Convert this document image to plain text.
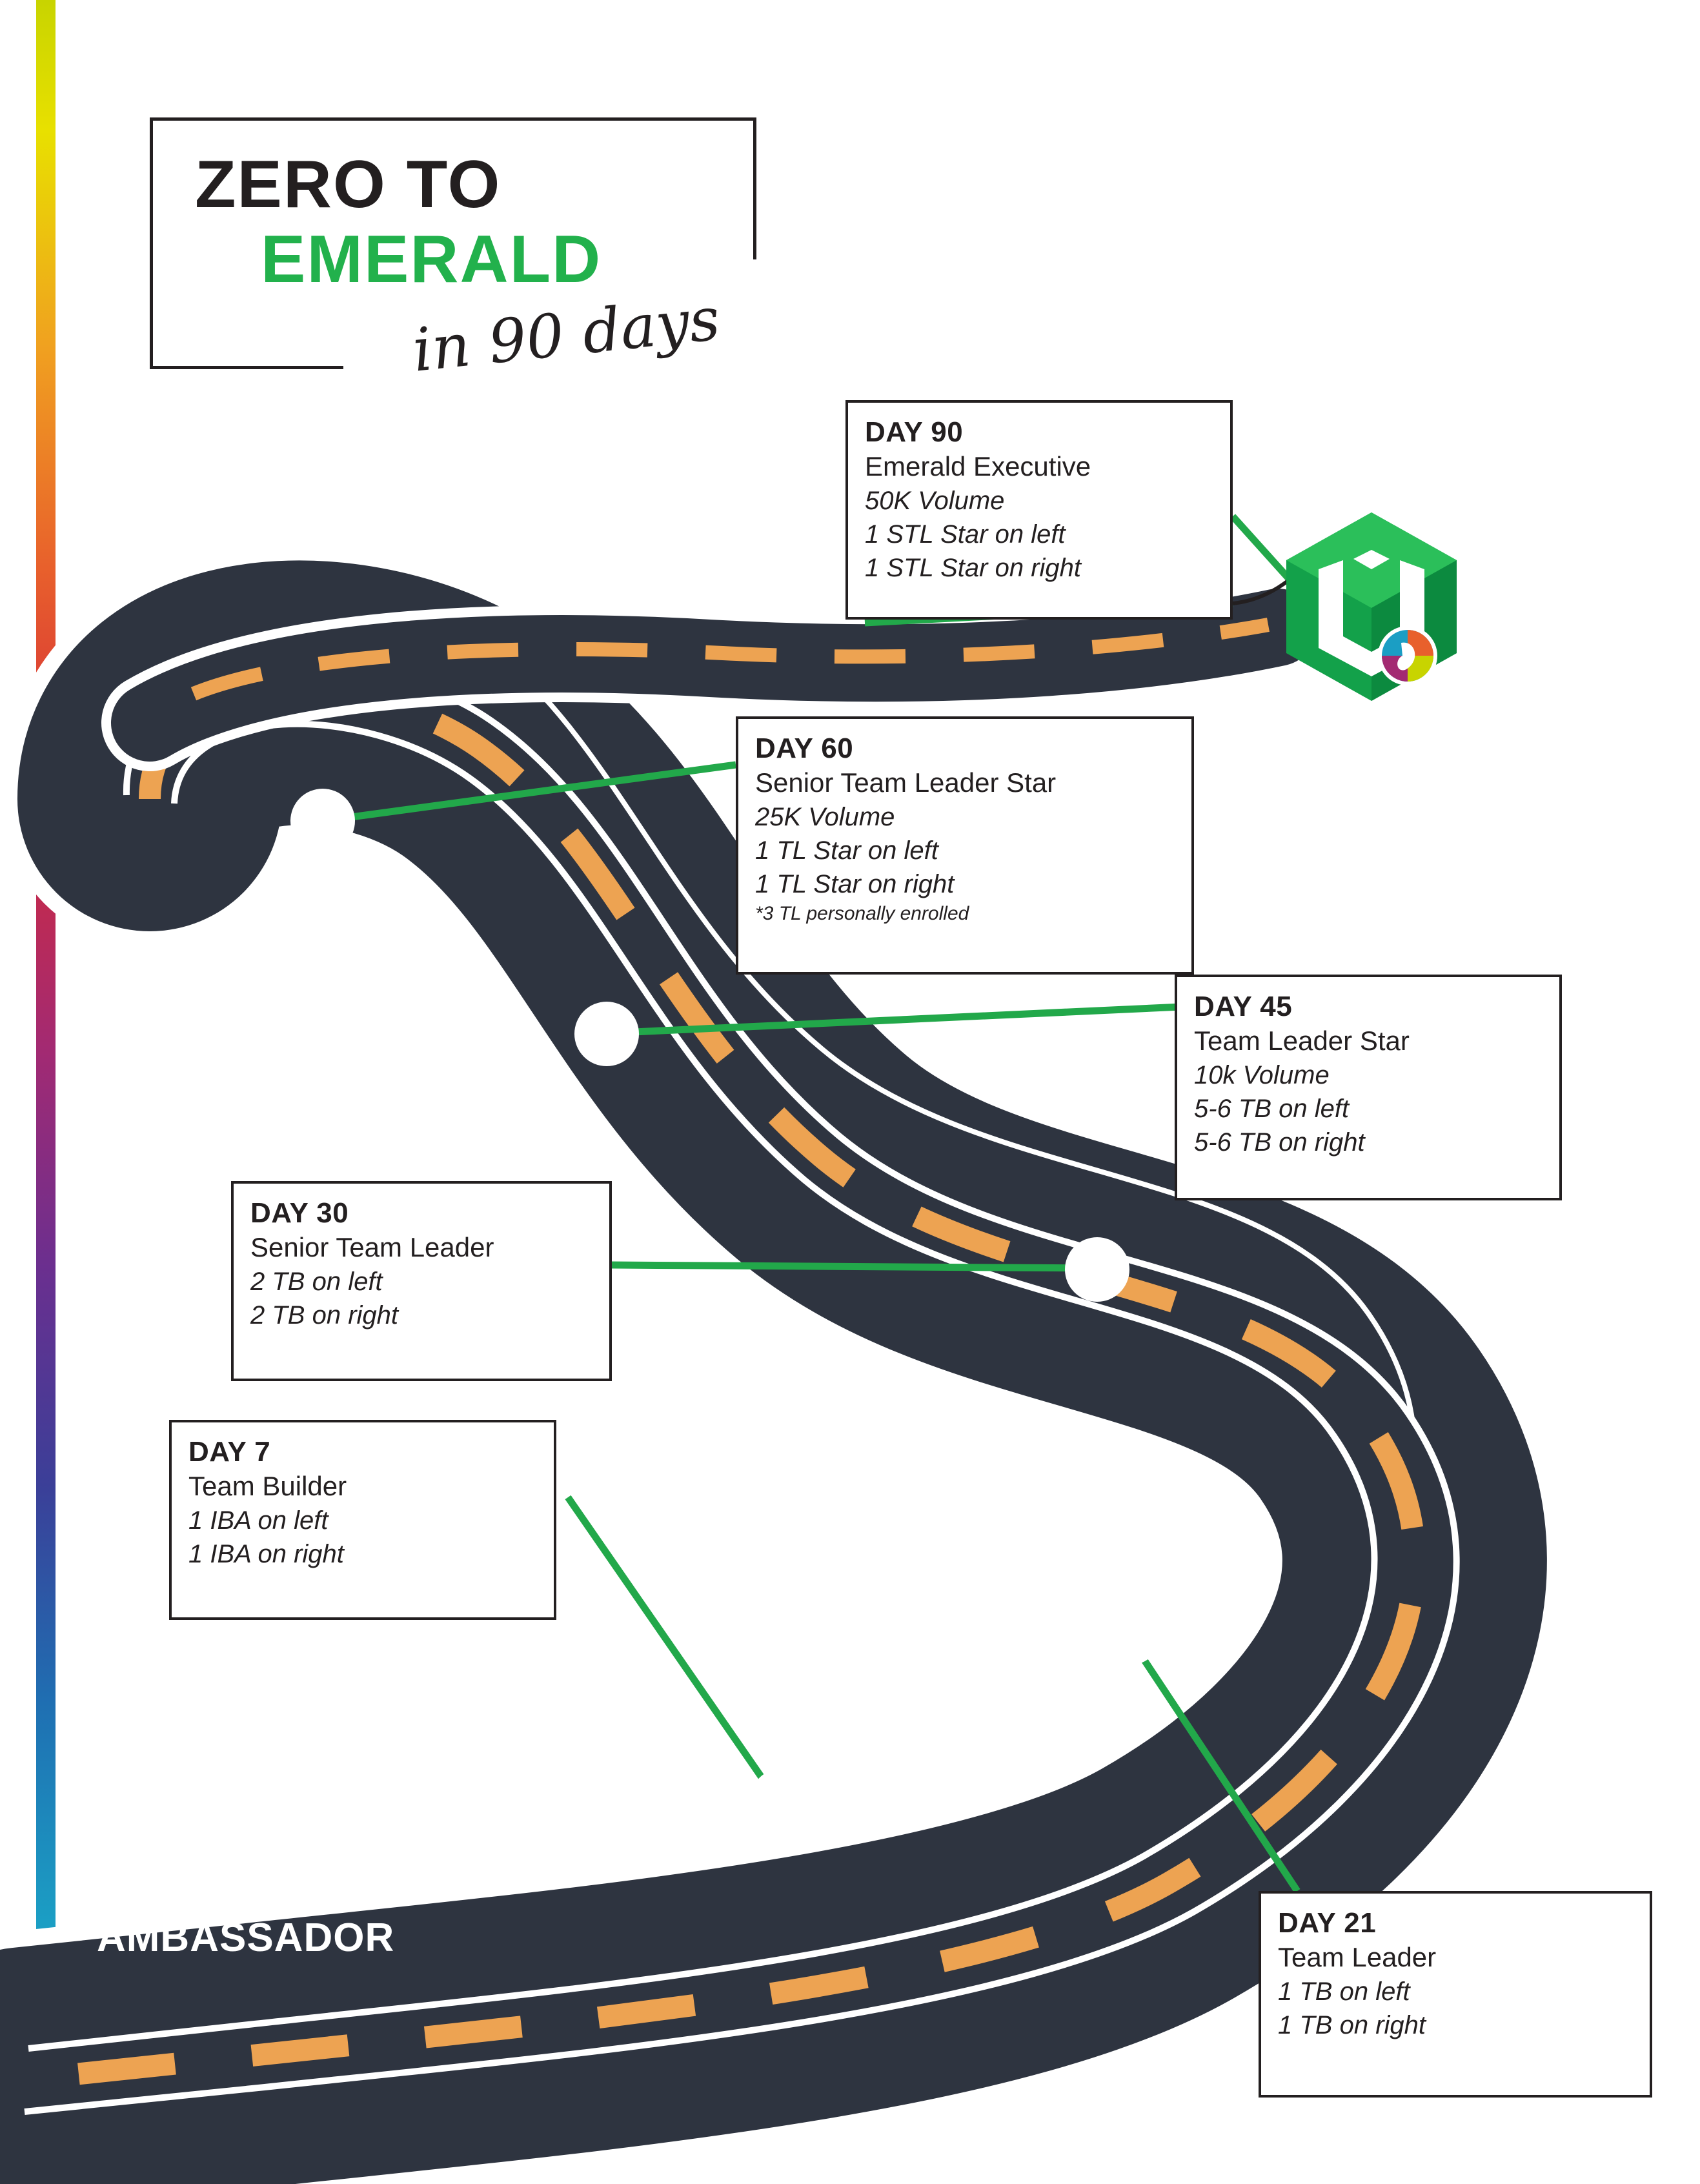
ZERO TO
EMERALD
in 90 days
DAY 90
Emerald Executive
50K Volume
1 STL Star on left
1 STL Star on right
DAY 60
Senior Team Leader Star
25K Volume
1 TL Star on left
1 TL Star on right
*3 TL personally enrolled
DAY 45
Team Leader Star
10k Volume
5-6 TB on left
5-6 TB on right
DAY 30
Senior Team Leader
2 TB on left
2 TB on right
DAY 7
Team Builder
1 IBA on left
1 IBA on right
DAY 21
Team Leader
1 TB on left
1 TB on right
INDEPENDENT
BRAND
AMBASSADOR
